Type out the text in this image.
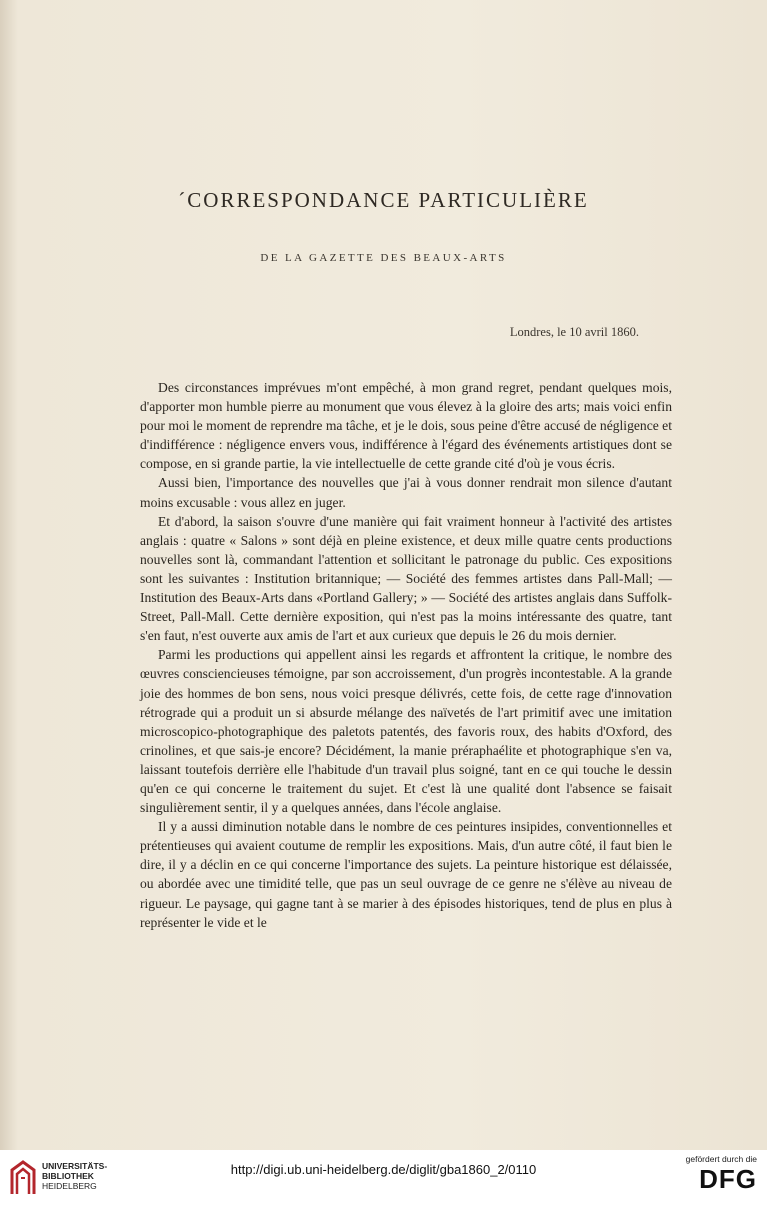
´CORRESPONDANCE PARTICULIÈRE
DE LA GAZETTE DES BEAUX-ARTS
Londres, le 10 avril 1860.

Des circonstances imprévues m'ont empêché, à mon grand regret, pendant quelques mois, d'apporter mon humble pierre au monument que vous élevez à la gloire des arts; mais voici enfin pour moi le moment de reprendre ma tâche, et je le dois, sous peine d'être accusé de négligence et d'indifférence : négligence envers vous, indifférence à l'égard des événements artistiques dont se compose, en si grande partie, la vie intellectuelle de cette grande cité d'où je vous écris.

Aussi bien, l'importance des nouvelles que j'ai à vous donner rendrait mon silence d'autant moins excusable : vous allez en juger.

Et d'abord, la saison s'ouvre d'une manière qui fait vraiment honneur à l'activité des artistes anglais : quatre « Salons » sont déjà en pleine existence, et deux mille quatre cents productions nouvelles sont là, commandant l'attention et sollicitant le patronage du public. Ces expositions sont les suivantes : Institution britannique; — Société des femmes artistes dans Pall-Mall; — Institution des Beaux-Arts dans «Portland Gallery; » — Société des artistes anglais dans Suffolk-Street, Pall-Mall. Cette dernière exposition, qui n'est pas la moins intéressante des quatre, tant s'en faut, n'est ouverte aux amis de l'art et aux curieux que depuis le 26 du mois dernier.

Parmi les productions qui appellent ainsi les regards et affrontent la critique, le nombre des œuvres consciencieuses témoigne, par son accroissement, d'un progrès incontestable. A la grande joie des hommes de bon sens, nous voici presque délivrés, cette fois, de cette rage d'innovation rétrograde qui a produit un si absurde mélange des naïvetés de l'art primitif avec une imitation microscopico-photographique des paletots patentés, des favoris roux, des habits d'Oxford, des crinolines, et que sais-je encore? Décidément, la manie préraphaélite et photographique s'en va, laissant toutefois derrière elle l'habitude d'un travail plus soigné, tant en ce qui touche le dessin qu'en ce qui concerne le traitement du sujet. Et c'est là une qualité dont l'absence se faisait singulièrement sentir, il y a quelques années, dans l'école anglaise.

Il y a aussi diminution notable dans le nombre de ces peintures insipides, conventionnelles et prétentieuses qui avaient coutume de remplir les expositions. Mais, d'un autre côté, il faut bien le dire, il y a déclin en ce qui concerne l'importance des sujets. La peinture historique est délaissée, ou abordée avec une timidité telle, que pas un seul ouvrage de ce genre ne s'élève au niveau de rigueur. Le paysage, qui gagne tant à se marier à des épisodes historiques, tend de plus en plus à représenter le vide et le

UNIVERSITÄTS-
BIBLIOTHEK
HEIDELBERG
http://digi.ub.uni-heidelberg.de/diglit/gba1860_2/0110
gefördert durch die
DFG
